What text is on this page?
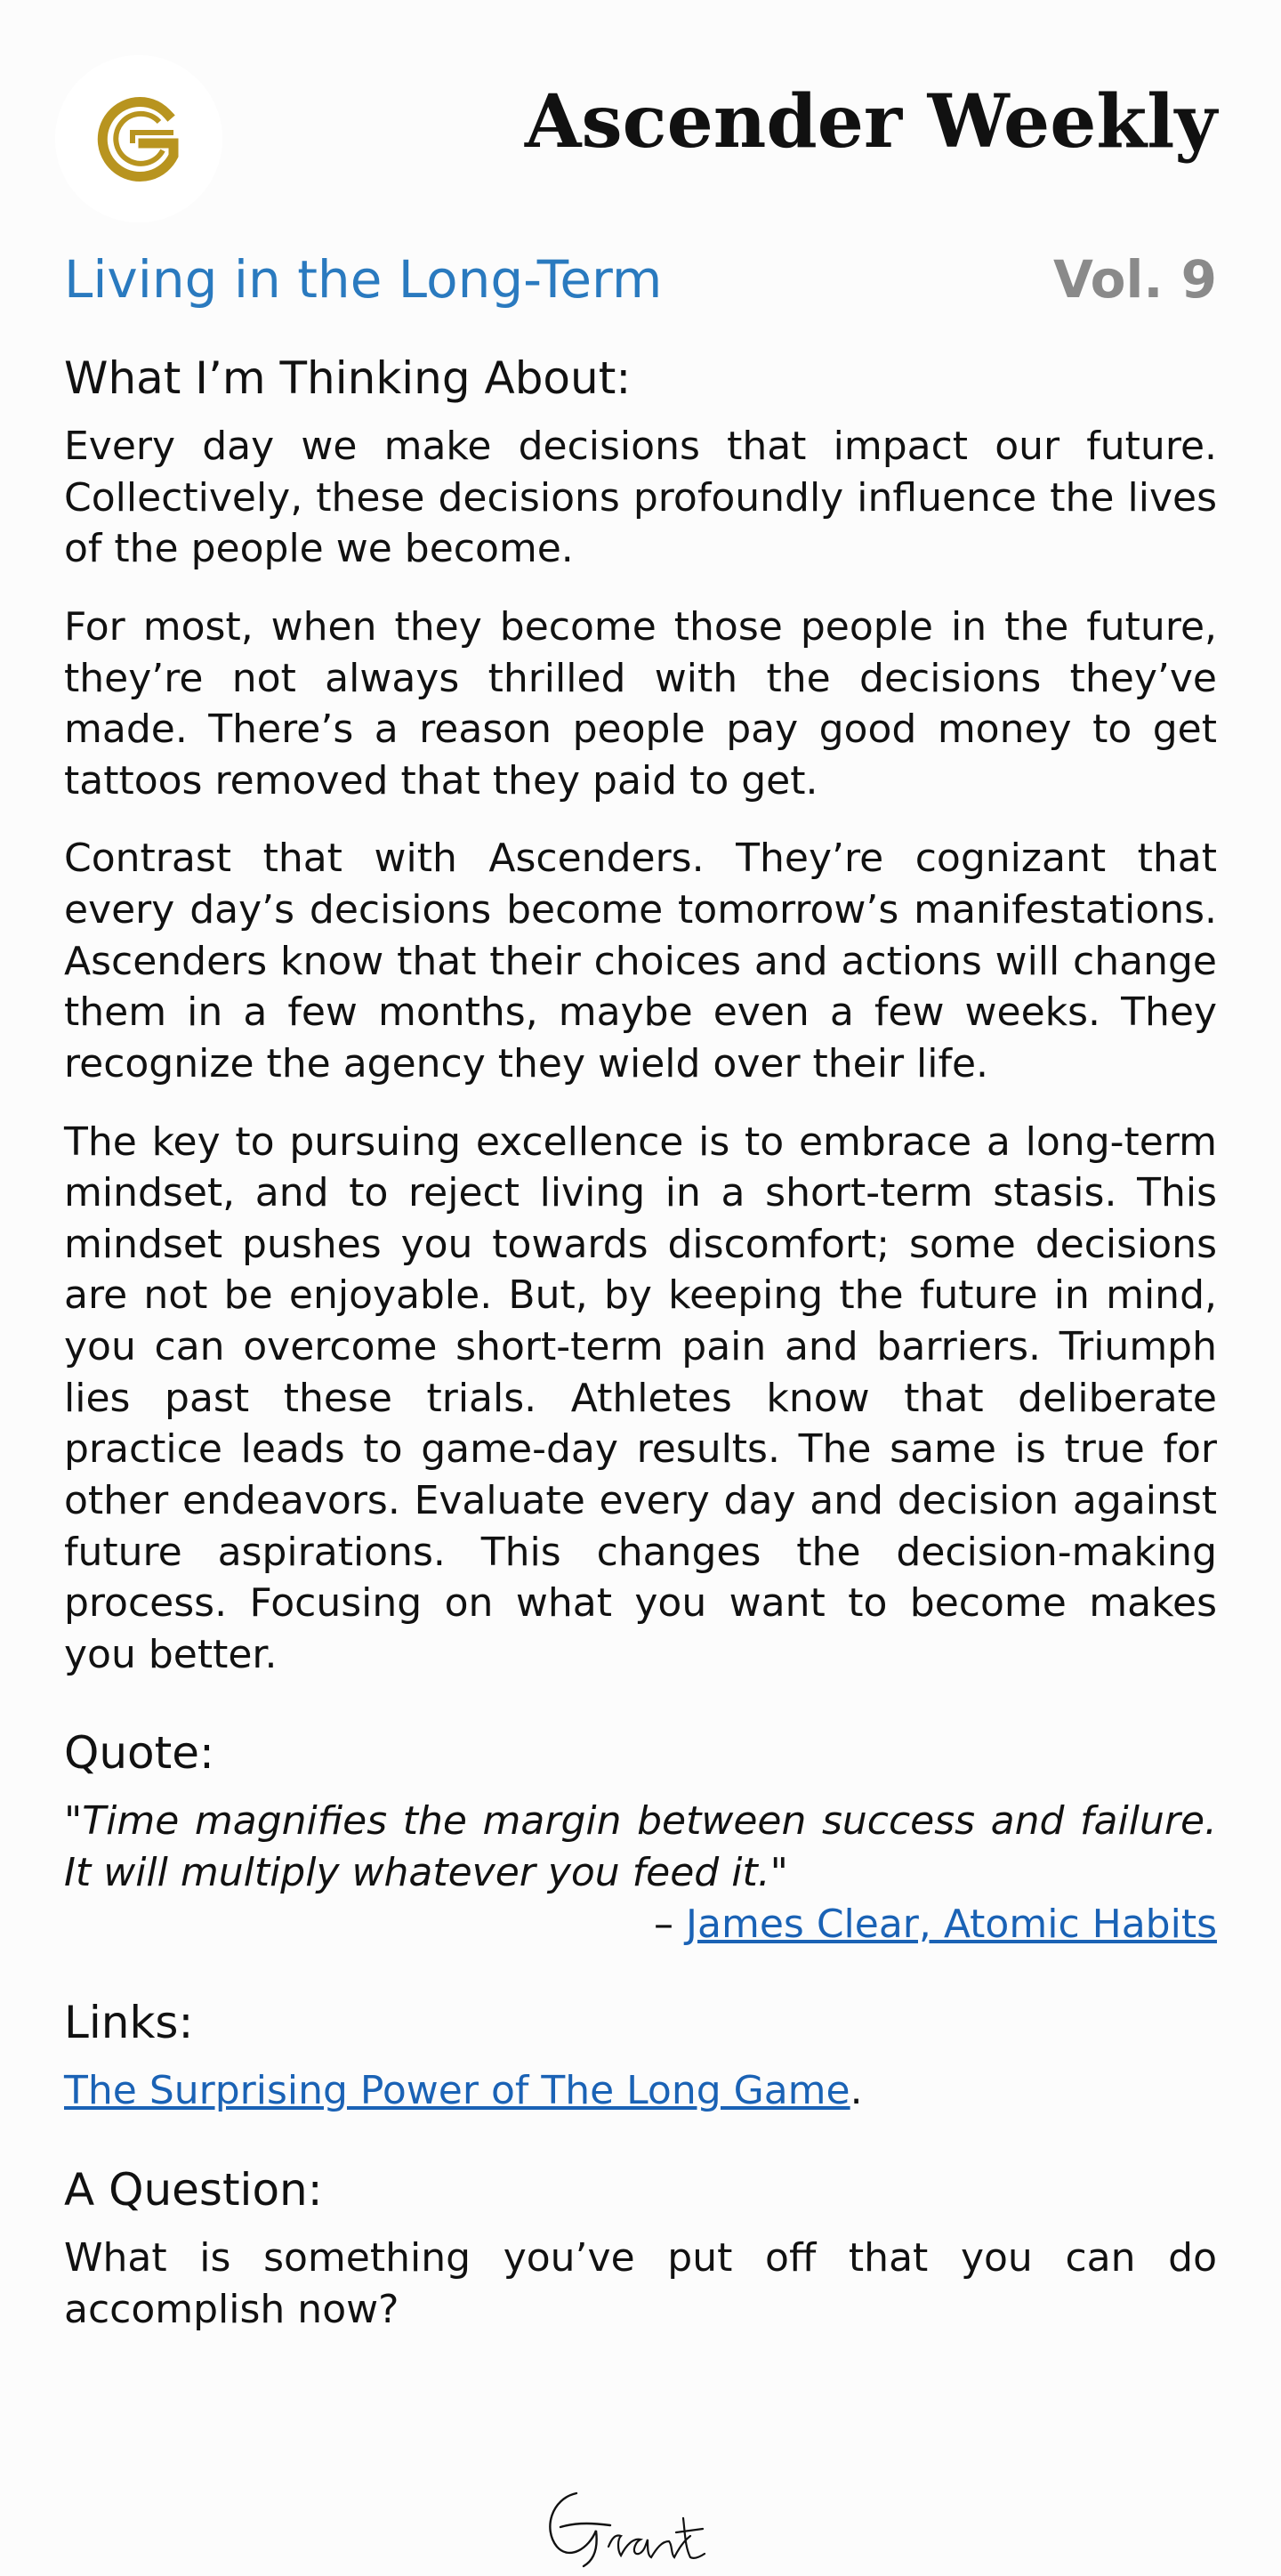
Ascender Weekly
Living in the Long-Term	Vol. 9
What I’m Thinking About:

Every day we make decisions that impact our future. Collectively, these decisions profoundly influence the lives of the people we become.

For most, when they become those people in the future, they’re not always thrilled with the decisions they’ve made. There’s a reason people pay good money to get tattoos removed that they paid to get.

Contrast that with Ascenders. They’re cognizant that every day’s decisions become tomorrow’s manifestations. Ascenders know that their choices and actions will change them in a few months, maybe even a few weeks. They recognize the agency they wield over their life.

The key to pursuing excellence is to embrace a long-term mindset, and to reject living in a short-term stasis. This mindset pushes you towards discomfort; some decisions are not be enjoyable. But, by keeping the future in mind, you can overcome short-term pain and barriers. Triumph lies past these trials. Athletes know that deliberate practice leads to game-day results. The same is true for other endeavors. Evaluate every day and decision against future aspirations. This changes the decision-making process. Focusing on what you want to become makes you better.

Quote:

"Time magnifies the margin between success and failure. It will multiply whatever you feed it."

– James Clear, Atomic Habits
Links:
The Surprising Power of The Long Game.
A Question:

What is something you’ve put off that you can do accomplish now?
